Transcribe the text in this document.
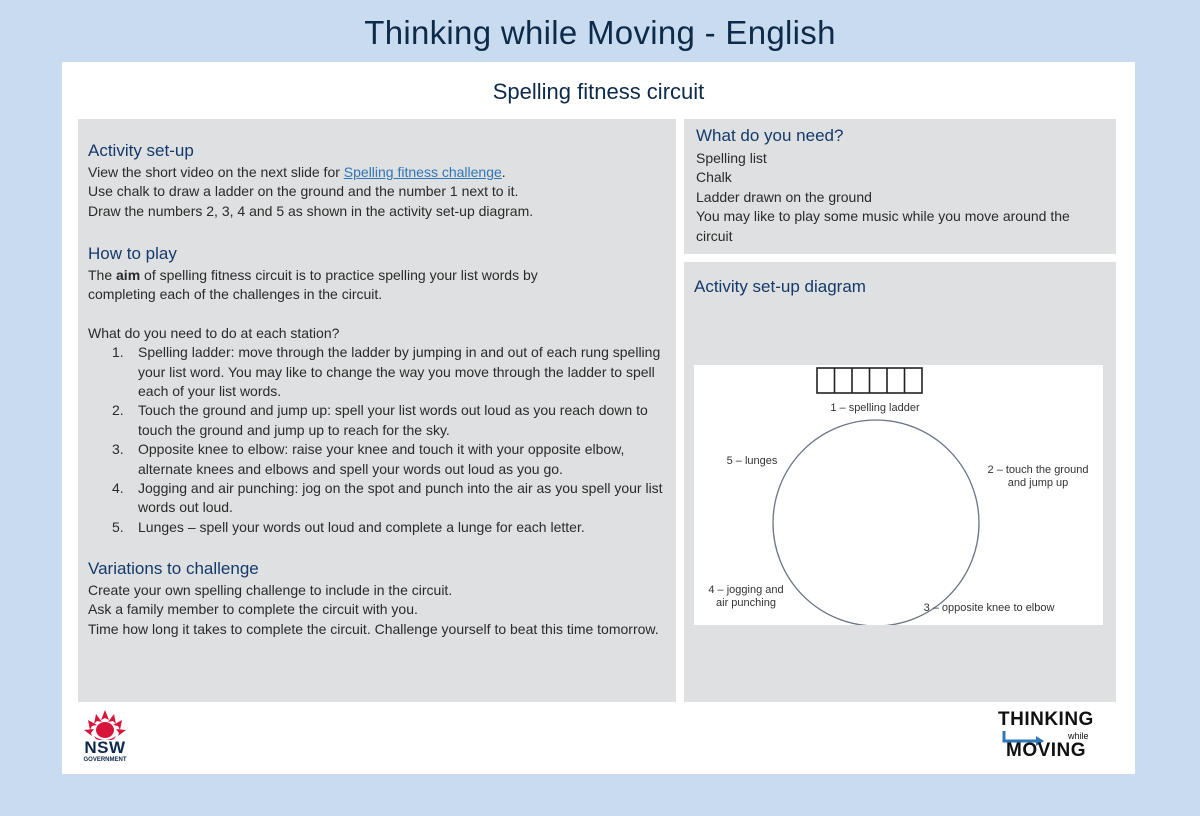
Thinking while Moving - English
Spelling fitness circuit
Activity set-up
View the short video on the next slide for Spelling fitness challenge.
Use chalk to draw a ladder on the ground and the number 1 next to it.
Draw the numbers 2, 3, 4 and 5 as shown in the activity set-up diagram.
How to play
The aim of spelling fitness circuit is to practice spelling your list words by completing each of the challenges in the circuit.
What do you need to do at each station?
1. Spelling ladder: move through the ladder by jumping in and out of each rung spelling your list word. You may like to change the way you move through the ladder to spell each of your list words.
2. Touch the ground and jump up: spell your list words out loud as you reach down to touch the ground and jump up to reach for the sky.
3. Opposite knee to elbow: raise your knee and touch it with your opposite elbow, alternate knees and elbows and spell your words out loud as you go.
4. Jogging and air punching: jog on the spot and punch into the air as you spell your list words out loud.
5. Lunges – spell your words out loud and complete a lunge for each letter.
Variations to challenge
Create your own spelling challenge to include in the circuit.
Ask a family member to complete the circuit with you.
Time how long it takes to complete the circuit. Challenge yourself to beat this time tomorrow.
What do you need?
Spelling list
Chalk
Ladder drawn on the ground
You may like to play some music while you move around the circuit
Activity set-up diagram
1 – spelling ladder
2 – touch the ground
and jump up
3 – opposite knee to elbow
4 – jogging and
air punching
5 – lunges
NSW
GOVERNMENT
THINKING
while
MOVING
